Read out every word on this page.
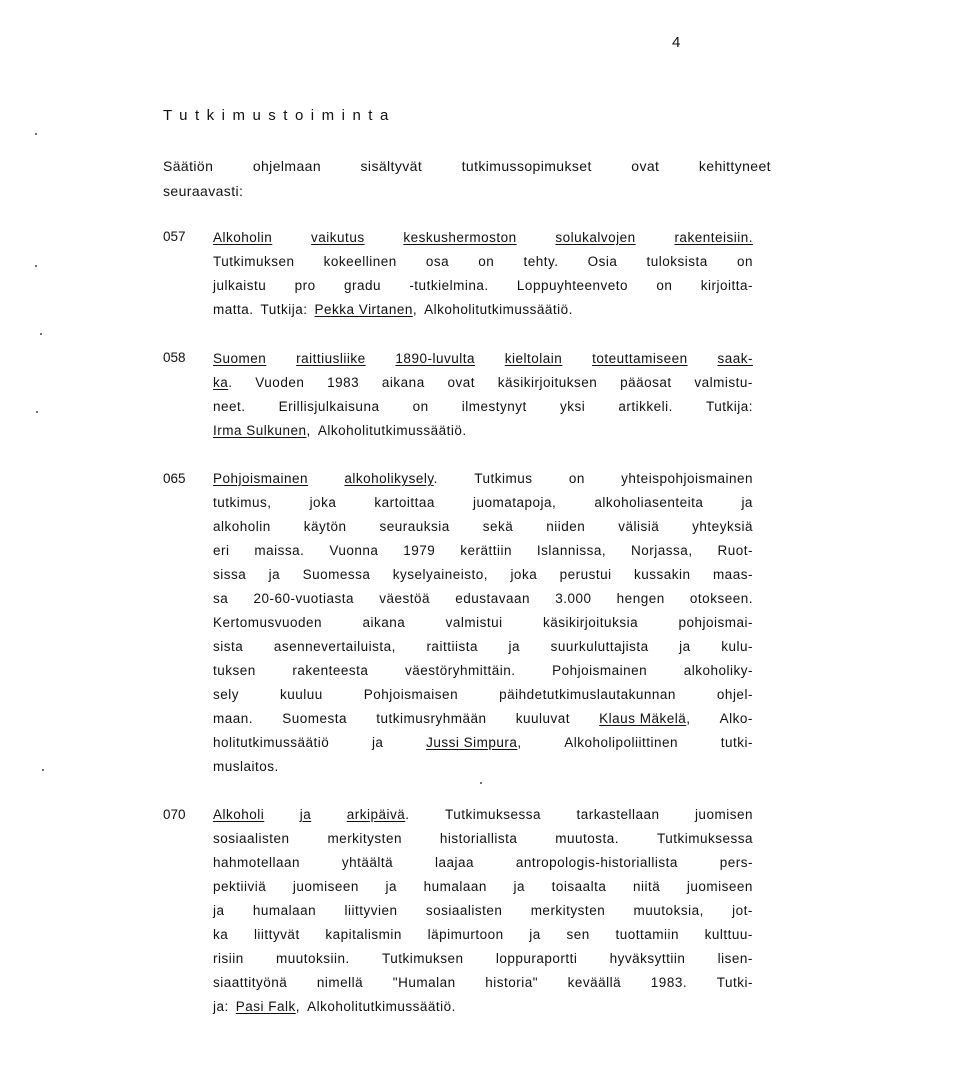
4
Tutkimustoiminta
Säätiön	ohjelmaan	sisältyvät	tutkimussopimukset	ovat	kehittyneet
seuraavasti:
057 Alkoholin	vaikutus	keskushermoston	solukalvojen	rakenteisiin.
Tutkimuksen kokeellinen osa on tehty. Osia tuloksista on
julkaistu pro gradu -tutkielmina. Loppuyhteenveto on kirjoitta-
matta. Tutkija: Pekka Virtanen, Alkoholitutkimussäätiö.
058 Suomen raittiusliike 1890-luvulta kieltolain toteuttamiseen saak-
ka. Vuoden 1983 aikana ovat käsikirjoituksen pääosat valmistu-
neet. Erillisjulkaisuna on ilmestynyt yksi artikkeli. Tutkija:
Irma Sulkunen, Alkoholitutkimussäätiö.
065 Pohjoismainen	alkoholikysely.	Tutkimus	on	yhteispohjoismainen
tutkimus,	joka	kartoittaa	juomatapoja,	alkoholiasenteita	ja
alkoholin käytön seurauksia sekä niiden välisiä yhteyksiä
eri maissa. Vuonna 1979 kerättiin Islannissa, Norjassa, Ruot-
sissa ja Suomessa kyselyaineisto, joka perustui kussakin maas-
sa 20-60-vuotiasta väestöä edustavaan 3.000 hengen otokseen.
Kertomusvuoden	aikana	valmistui	käsikirjoituksia	pohjoismai-
sista asennevertailuista, raittiista ja suurkuluttajista ja kulu-
tuksen	rakenteesta	väestöryhmittäin.	Pohjoismainen	alkoholiky-
sely	kuuluu	Pohjoismaisen	päihdetutkimuslautakunnan	ohjel-
maan. Suomesta tutkimusryhmään kuuluvat Klaus Mäkelä, Alko-
holitutkimussäätiö	ja	Jussi Simpura,	Alkoholipoliittinen	tutki-
muslaitos.
070 Alkoholi	ja	arkipäivä.	Tutkimuksessa	tarkastellaan	juomisen
sosiaalisten	merkitysten	historiallista	muutosta.	Tutkimuksessa
hahmotellaan	yhtäältä	laajaa	antropologis-historiallista	pers-
pektiiviä juomiseen ja humalaan ja toisaalta niitä juomiseen
ja humalaan liittyvien sosiaalisten merkitysten muutoksia, jot-
ka liittyvät kapitalismin läpimurtoon ja sen tuottamiin kulttuu-
risiin muutoksiin. Tutkimuksen loppuraportti hyväksyttiin lisen-
siaattityönä nimellä "Humalan historia" keväällä 1983. Tutki-
ja: Pasi Falk, Alkoholitutkimussäätiö.
